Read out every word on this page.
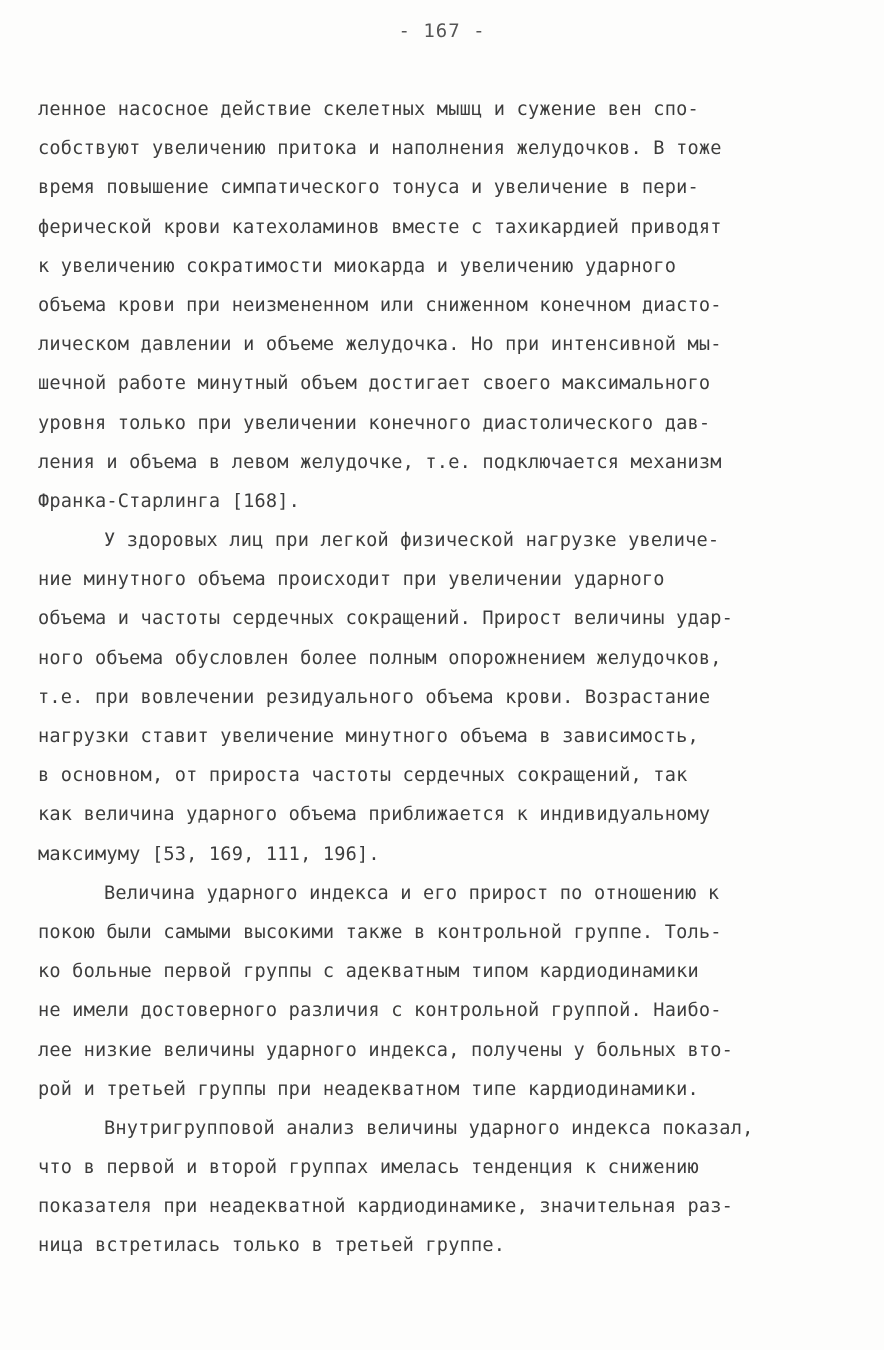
- 167 -
ленное насосное действие скелетных мышц и сужение вен спо-
собствуют увеличению притока и наполнения желудочков. В тоже
время повышение симпатического тонуса и увеличение в пери-
ферической крови катехоламинов вместе с тахикардией приводят
к увеличению сократимости миокарда и увеличению ударного
объема крови при неизмененном или сниженном конечном диасто-
лическом давлении и объеме желудочка. Но при интенсивной мы-
шечной работе минутный объем достигает своего максимального
уровня только при увеличении конечного диастолического дав-
ления и объема в левом желудочке, т.е. подключается механизм
Франка-Старлинга [168].
У здоровых лиц при легкой физической нагрузке увеличе-
ние минутного объема происходит при увеличении ударного
объема и частоты сердечных сокращений. Прирост величины удар-
ного объема обусловлен более полным опорожнением желудочков,
т.е. при вовлечении резидуального объема крови. Возрастание
нагрузки ставит увеличение минутного объема в зависимость,
в основном, от прироста частоты сердечных сокращений, так
как величина ударного объема приближается к индивидуальному
максимуму [53, 169, 111, 196].
Величина ударного индекса и его прирост по отношению к
покою были самыми высокими также в контрольной группе. Толь-
ко больные первой группы с адекватным типом кардиодинамики
не имели достоверного различия с контрольной группой. Наибо-
лее низкие величины ударного индекса, получены у больных вто-
рой и третьей группы при неадекватном типе кардиодинамики.
Внутригрупповой анализ величины ударного индекса показал,
что в первой и второй группах имелась тенденция к снижению
показателя при неадекватной кардиодинамике, значительная раз-
ница встретилась только в третьей группе.
